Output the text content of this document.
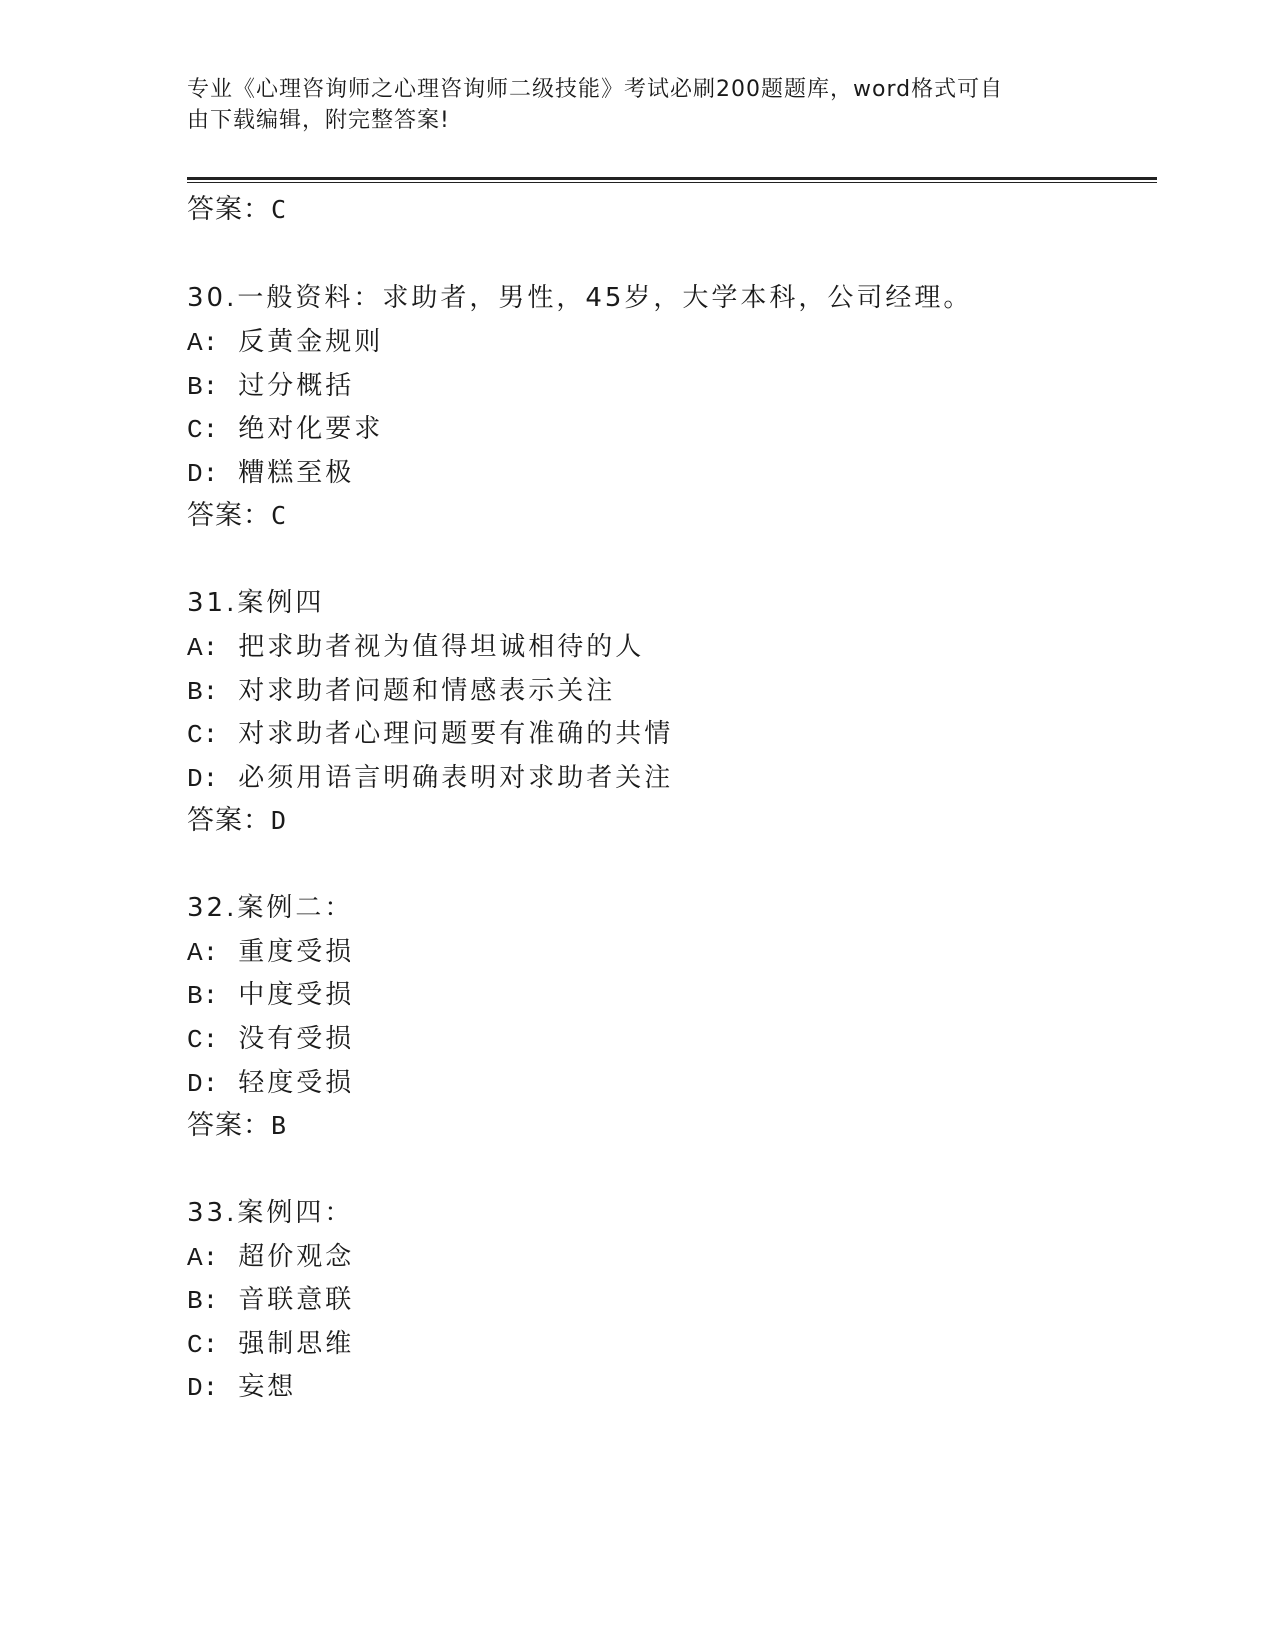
专业《心理咨询师之心理咨询师二级技能》考试必刷200题题库，word格式可自
由下载编辑，附完整答案!
答案：C
30.一般资料：求助者，男性，45岁，大学本科，公司经理。
A: 反黄金规则
B: 过分概括
C: 绝对化要求
D: 糟糕至极
答案：C
31.案例四
A: 把求助者视为值得坦诚相待的人
B: 对求助者问题和情感表示关注
C: 对求助者心理问题要有准确的共情
D: 必须用语言明确表明对求助者关注
答案：D
32.案例二：
A: 重度受损
B: 中度受损
C: 没有受损
D: 轻度受损
答案：B
33.案例四：
A: 超价观念
B: 音联意联
C: 强制思维
D: 妄想
